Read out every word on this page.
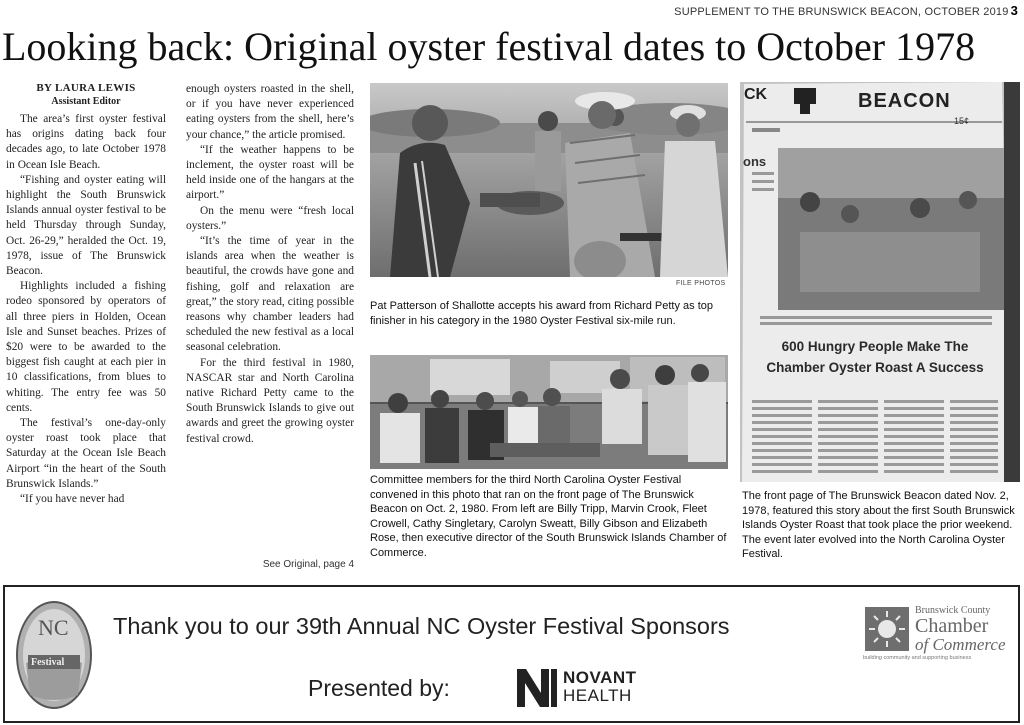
SUPPLEMENT TO THE BRUNSWICK BEACON, OCTOBER 2019 3
Looking back: Original oyster festival dates to October 1978
BY LAURA LEWIS
Assistant Editor

The area’s first oyster festival has origins dating back four decades ago, to late October 1978 in Ocean Isle Beach.

“Fishing and oyster eating will highlight the South Brunswick Islands annual oyster festival to be held Thursday through Sunday, Oct. 26-29,” heralded the Oct. 19, 1978, issue of The Brunswick Beacon.

Highlights included a fishing rodeo sponsored by operators of all three piers in Holden, Ocean Isle and Sunset beaches. Prizes of $20 were to be awarded to the biggest fish caught at each pier in 10 classifications, from blues to whiting. The entry fee was 50 cents.

The festival’s one-day-only oyster roast took place that Saturday at the Ocean Isle Beach Airport “in the heart of the South Brunswick Islands.”

“If you have never had

enough oysters roasted in the shell, or if you have never experienced eating oysters from the shell, here’s your chance,” the article promised.

“If the weather happens to be inclement, the oyster roast will be held inside one of the hangars at the airport.”

On the menu were “fresh local oysters.”

“It’s the time of year in the islands area when the weather is beautiful, the crowds have gone and fishing, golf and relaxation are great,” the story read, citing possible reasons why chamber leaders had scheduled the new festival as a local seasonal celebration.

For the third festival in 1980, NASCAR star and North Carolina native Richard Petty came to the South Brunswick Islands to give out awards and greet the growing oyster festival crowd.

See Original, page 4
FILE PHOTOS
Pat Patterson of Shallotte accepts his award from Richard Petty as top finisher in his category in the 1980 Oyster Festival six-mile run.
Committee members for the third North Carolina Oyster Festival convened in this photo that ran on the front page of The Brunswick Beacon on Oct. 2, 1980. From left are Billy Tripp, Marvin Crook, Fleet Crowell, Cathy Singletary, Carolyn Sweatt, Billy Gibson and Elizabeth Rose, then executive director of the South Brunswick Islands Chamber of Commerce.
CK	BEACON
15¢
ons
600 Hungry People Make The Chamber Oyster Roast A Success
The front page of The Brunswick Beacon dated Nov. 2, 1978, featured this story about the first South Brunswick Islands Oyster Roast that took place the prior weekend. The event later evolved into the North Carolina Oyster Festival.
NC
Festival
Thank you to our 39th Annual NC Oyster Festival Sponsors
Presented by:	NOVANT
HEALTH
Brunswick County
Chamber
of Commerce
building community and supporting business
